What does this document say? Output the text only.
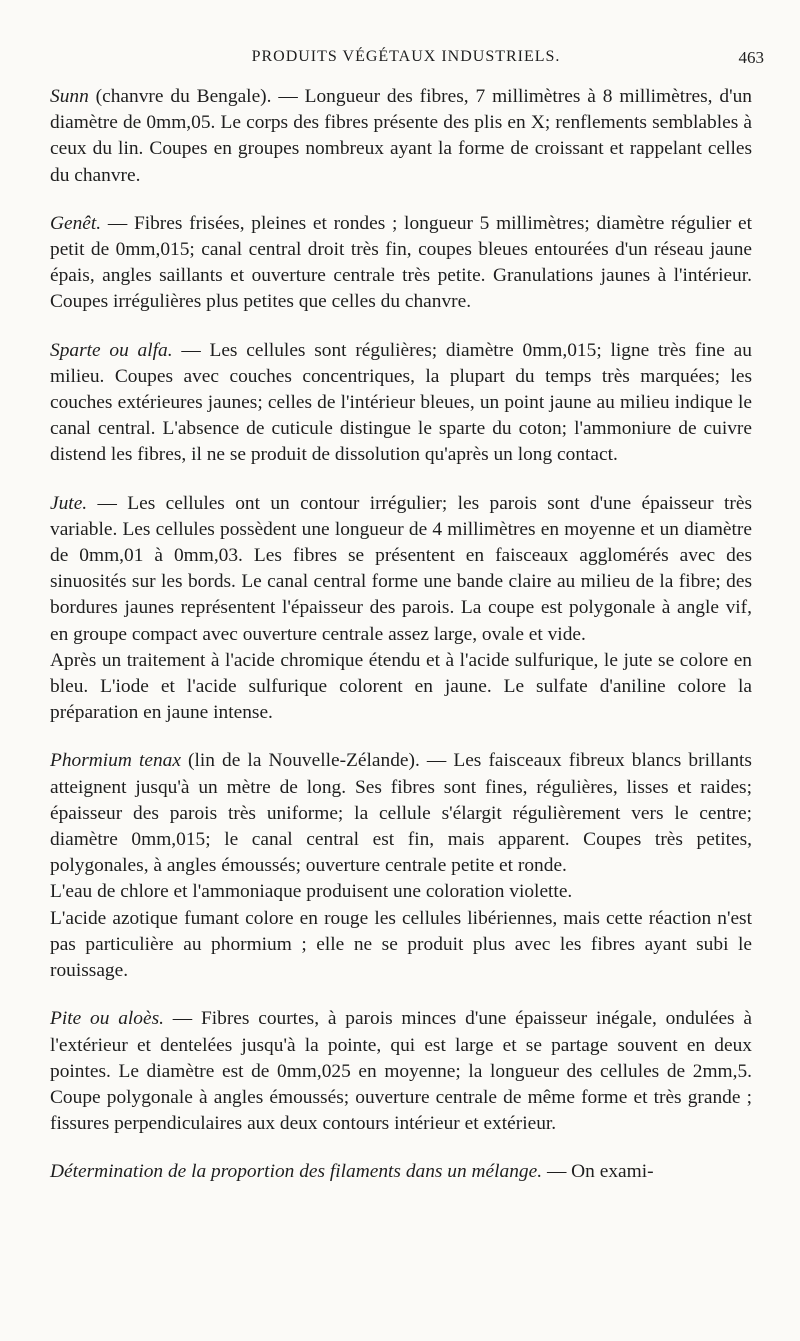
PRODUITS VÉGÉTAUX INDUSTRIELS.	463

Sunn (chanvre du Bengale). — Longueur des fibres, 7 millimètres à 8 millimètres, d'un diamètre de 0mm,05. Le corps des fibres présente des plis en X; renflements semblables à ceux du lin. Coupes en groupes nombreux ayant la forme de croissant et rappelant celles du chanvre.

Genêt. — Fibres frisées, pleines et rondes ; longueur 5 millimètres; diamètre régulier et petit de 0mm,015; canal central droit très fin, coupes bleues entourées d'un réseau jaune épais, angles saillants et ouverture centrale très petite. Granulations jaunes à l'intérieur. Coupes irrégulières plus petites que celles du chanvre.

Sparte ou alfa. — Les cellules sont régulières; diamètre 0mm,015; ligne très fine au milieu. Coupes avec couches concentriques, la plupart du temps très marquées; les couches extérieures jaunes; celles de l'intérieur bleues, un point jaune au milieu indique le canal central. L'absence de cuticule distingue le sparte du coton; l'ammoniure de cuivre distend les fibres, il ne se produit de dissolution qu'après un long contact.

Jute. — Les cellules ont un contour irrégulier; les parois sont d'une épaisseur très variable. Les cellules possèdent une longueur de 4 millimètres en moyenne et un diamètre de 0mm,01 à 0mm,03. Les fibres se présentent en faisceaux agglomérés avec des sinuosités sur les bords. Le canal central forme une bande claire au milieu de la fibre; des bordures jaunes représentent l'épaisseur des parois. La coupe est polygonale à angle vif, en groupe compact avec ouverture centrale assez large, ovale et vide.

Après un traitement à l'acide chromique étendu et à l'acide sulfurique, le jute se colore en bleu. L'iode et l'acide sulfurique colorent en jaune. Le sulfate d'aniline colore la préparation en jaune intense.

Phormium tenax (lin de la Nouvelle-Zélande). — Les faisceaux fibreux blancs brillants atteignent jusqu'à un mètre de long. Ses fibres sont fines, régulières, lisses et raides; épaisseur des parois très uniforme; la cellule s'élargit régulièrement vers le centre; diamètre 0mm,015; le canal central est fin, mais apparent. Coupes très petites, polygonales, à angles émoussés; ouverture centrale petite et ronde.

L'eau de chlore et l'ammoniaque produisent une coloration violette.

L'acide azotique fumant colore en rouge les cellules libériennes, mais cette réaction n'est pas particulière au phormium ; elle ne se produit plus avec les fibres ayant subi le rouissage.

Pite ou aloès. — Fibres courtes, à parois minces d'une épaisseur inégale, ondulées à l'extérieur et dentelées jusqu'à la pointe, qui est large et se partage souvent en deux pointes. Le diamètre est de 0mm,025 en moyenne; la longueur des cellules de 2mm,5. Coupe polygonale à angles émoussés; ouverture centrale de même forme et très grande ; fissures perpendiculaires aux deux contours intérieur et extérieur.

Détermination de la proportion des filaments dans un mélange. — On exami-
